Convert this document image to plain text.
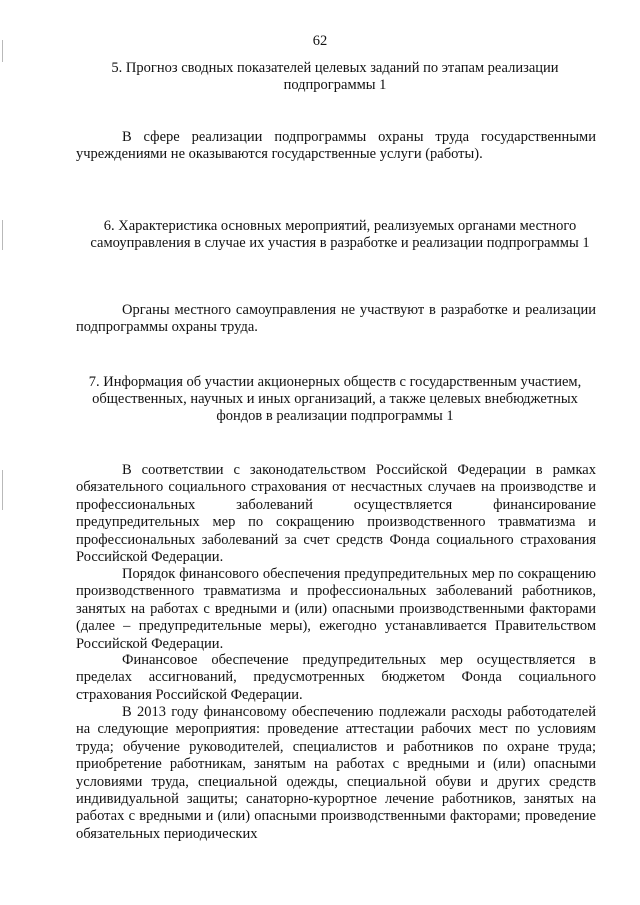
62
5. Прогноз сводных показателей целевых заданий по этапам реализации подпрограммы 1

В сфере реализации подпрограммы охраны труда государственными учреждениями не оказываются государственные услуги (работы).

6. Характеристика основных мероприятий, реализуемых органами местного самоуправления в случае их участия в разработке и реализации подпрограммы 1

Органы местного самоуправления не участвуют в разработке и реализации подпрограммы охраны труда.

7. Информация об участии акционерных обществ с государственным участием, общественных, научных и иных организаций, а также целевых внебюджетных фондов в реализации подпрограммы 1

В соответствии с законодательством Российской Федерации в рамках обязательного социального страхования от несчастных случаев на производстве и профессиональных заболеваний осуществляется финансирование предупредительных мер по сокращению производственного травматизма и профессиональных заболеваний за счет средств Фонда социального страхования Российской Федерации.

Порядок финансового обеспечения предупредительных мер по сокращению производственного травматизма и профессиональных заболеваний работников, занятых на работах с вредными и (или) опасными производственными факторами (далее – предупредительные меры), ежегодно устанавливается Правительством Российской Федерации.

Финансовое обеспечение предупредительных мер осуществляется в пределах ассигнований, предусмотренных бюджетом Фонда социального страхования Российской Федерации.

В 2013 году финансовому обеспечению подлежали расходы работодателей на следующие мероприятия: проведение аттестации рабочих мест по условиям труда; обучение руководителей, специалистов и работников по охране труда; приобретение работникам, занятым на работах с вредными и (или) опасными условиями труда, специальной одежды, специальной обуви и других средств индивидуальной защиты; санаторно-курортное лечение работников, занятых на работах с вредными и (или) опасными производственными факторами; проведение обязательных периодических
